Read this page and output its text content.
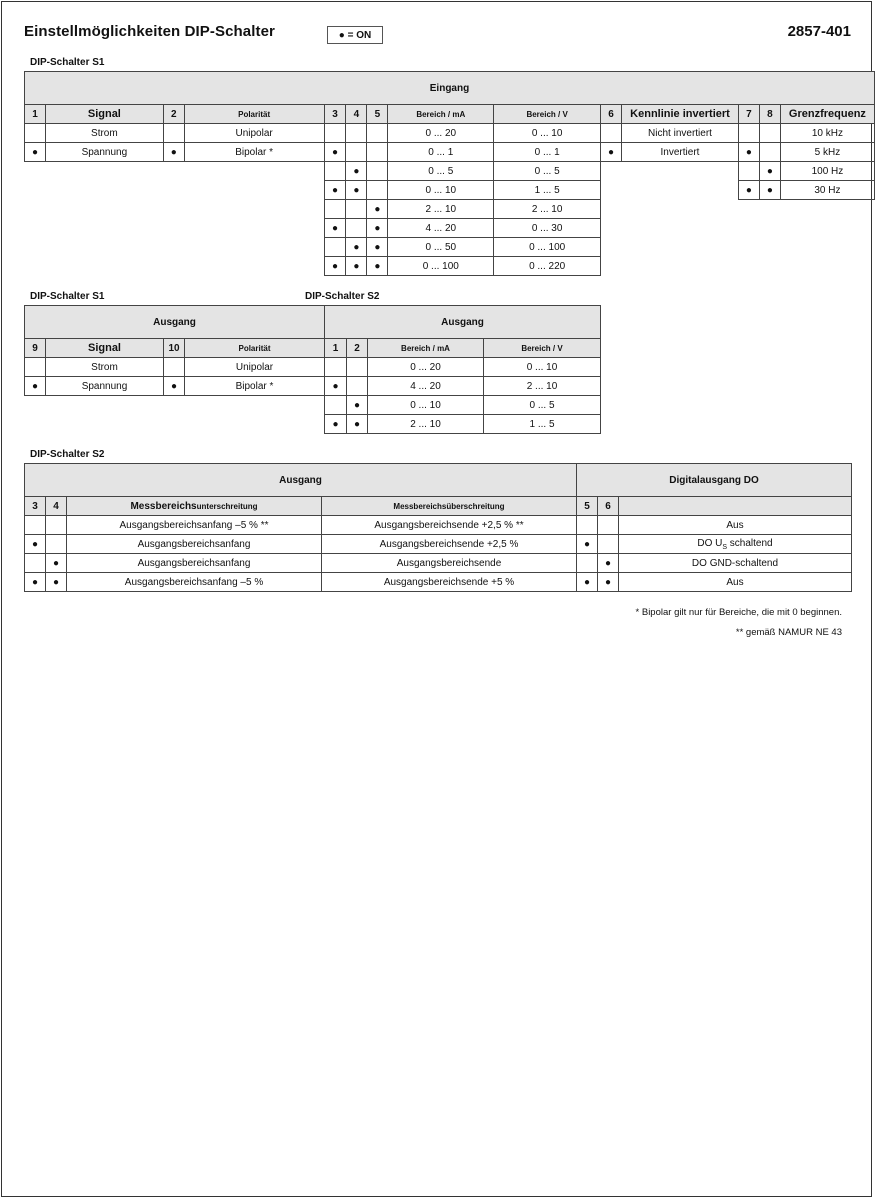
Einstellmöglichkeiten DIP-Schalter	● = ON	2857-401
DIP-Schalter S1
Eingang													
1	Signal	2	Polarität	3	4	5	Bereich / mA	Bereich / V	6	Kennlinie invertiert	7	8	Grenzfrequenz
	Strom		Unipolar				0 ... 20	0 ... 10		Nicht invertiert			10 kHz
●	Spannung	●	Bipolar *	●			0 ... 1	0 ... 1	●	Invertiert	●		5 kHz
					●		0 ... 5	0 ... 5				●	100 Hz
				●	●		0 ... 10	1 ... 5			●	●	30 Hz
						●	2 ... 10	2 ... 10					
				●		●	4 ... 20	0 ... 30					
					●	●	0 ... 50	0 ... 100					
				●	●	●	0 ... 100	0 ... 220					
DIP-Schalter S1	DIP-Schalter S2
Ausgang				Ausgang			
9	Signal	10	Polarität	1	2	Bereich / mA	Bereich / V
	Strom		Unipolar			0 ... 20	0 ... 10
●	Spannung	●	Bipolar *	●		4 ... 20	2 ... 10
					●	0 ... 10	0 ... 5
				●	●	2 ... 10	1 ... 5
DIP-Schalter S2
Ausgang				Digitalausgang DO		
3	4	Messbereichsunterschreitung	Messbereichsüberschreitung	5	6	
		Ausgangsbereichsanfang –5 % **	Ausgangsbereichsende +2,5 % **			Aus
●		Ausgangsbereichsanfang	Ausgangsbereichsende +2,5 %	●		DO $U_S$ schaltend
	●	Ausgangsbereichsanfang	Ausgangsbereichsende		●	DO GND-schaltend
●	●	Ausgangsbereichsanfang –5 %	Ausgangsbereichsende +5 %	●	●	Aus
* Bipolar gilt nur für Bereiche, die mit 0 beginnen.
** gemäß NAMUR NE 43
